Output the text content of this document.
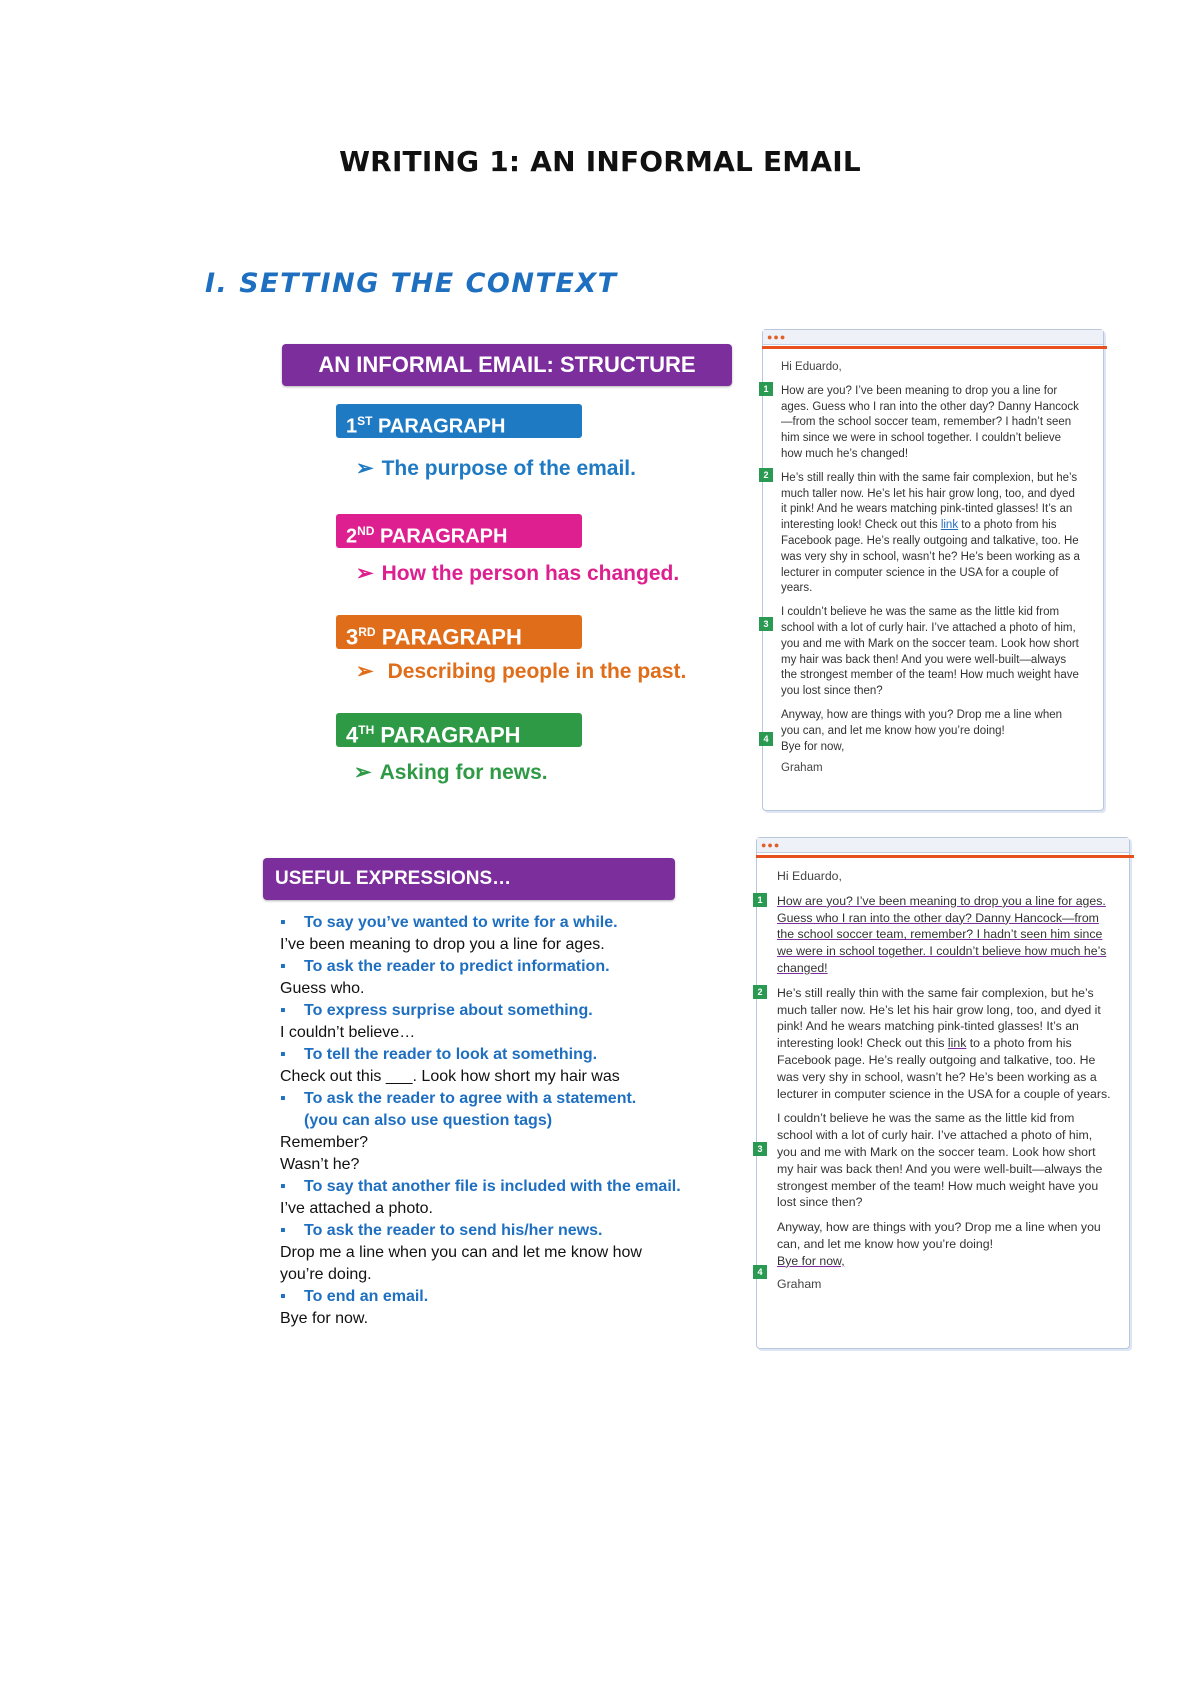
WRITING 1: AN INFORMAL EMAIL
I. SETTING THE CONTEXT
AN INFORMAL EMAIL: STRUCTURE
1ST PARAGRAPH
➢ The purpose of the email.
2ND PARAGRAPH
➢ How the person has changed.
3RD PARAGRAPH
➢ Describing people in the past.
4TH PARAGRAPH
➢ Asking for news.
USEFUL EXPRESSIONS…
▪ To say you’ve wanted to write for a while.
I’ve been meaning to drop you a line for ages.
▪ To ask the reader to predict information.
Guess who.
▪ To express surprise about something.
I couldn’t believe…
▪ To tell the reader to look at something.
Check out this ___. Look how short my hair was
▪ To ask the reader to agree with a statement.
(you can also use question tags)
Remember?
Wasn’t he?
▪ To say that another file is included with the email.
I’ve attached a photo.
▪ To ask the reader to send his/her news.
Drop me a line when you can and let me know how
you’re doing.
▪ To end an email.
Bye for now.
●●●

Hi Eduardo,

How are you? I’ve been meaning to drop you a line for ages. Guess who I ran into the other day? Danny Hancock—from the school soccer team, remember? I hadn’t seen him since we were in school together. I couldn’t believe how much he’s changed!

He’s still really thin with the same fair complexion, but he’s much taller now. He’s let his hair grow long, too, and dyed it pink! And he wears matching pink-tinted glasses! It’s an interesting look! Check out this link to a photo from his Facebook page. He’s really outgoing and talkative, too. He was very shy in school, wasn’t he? He’s been working as a lecturer in computer science in the USA for a couple of years.

I couldn’t believe he was the same as the little kid from school with a lot of curly hair. I’ve attached a photo of him, you and me with Mark on the soccer team. Look how short my hair was back then! And you were well-built—always the strongest member of the team! How much weight have you lost since then?

Anyway, how are things with you? Drop me a line when you can, and let me know how you’re doing!

Bye for now,

Graham

1
2
3
4
●●●

Hi Eduardo,

How are you? I’ve been meaning to drop you a line for ages. Guess who I ran into the other day? Danny Hancock—from the school soccer team, remember? I hadn’t seen him since we were in school together. I couldn’t believe how much he’s changed!

He’s still really thin with the same fair complexion, but he’s much taller now. He’s let his hair grow long, too, and dyed it pink! And he wears matching pink-tinted glasses! It’s an interesting look! Check out this link to a photo from his Facebook page. He’s really outgoing and talkative, too. He was very shy in school, wasn’t he? He’s been working as a lecturer in computer science in the USA for a couple of years.

I couldn’t believe he was the same as the little kid from school with a lot of curly hair. I’ve attached a photo of him, you and me with Mark on the soccer team. Look how short my hair was back then! And you were well-built—always the strongest member of the team! How much weight have you lost since then?

Anyway, how are things with you? Drop me a line when you can, and let me know how you’re doing!

Bye for now,

Graham

1
2
3
4
